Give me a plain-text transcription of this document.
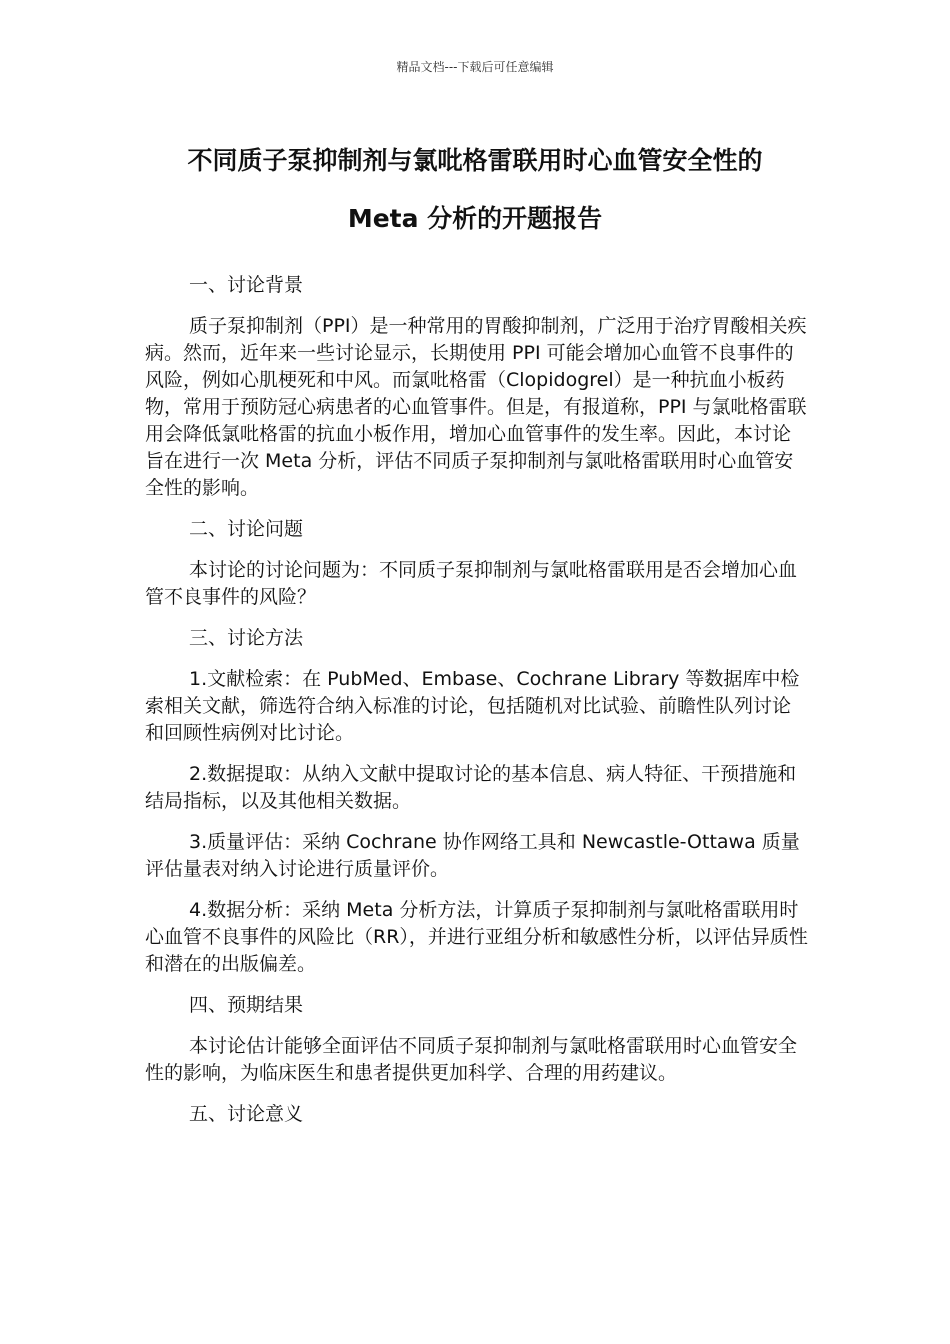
精品文档---下载后可任意编辑
不同质子泵抑制剂与氯吡格雷联用时心血管安全性的
Meta 分析的开题报告

一、讨论背景

质子泵抑制剂（PPI）是一种常用的胃酸抑制剂，广泛用于治疗胃酸相关疾病。然而，近年来一些讨论显示，长期使用 PPI 可能会增加心血管不良事件的风险，例如心肌梗死和中风。而氯吡格雷（Clopidogrel）是一种抗血小板药物，常用于预防冠心病患者的心血管事件。但是，有报道称，PPI 与氯吡格雷联用会降低氯吡格雷的抗血小板作用，增加心血管事件的发生率。因此，本讨论旨在进行一次 Meta 分析，评估不同质子泵抑制剂与氯吡格雷联用时心血管安全性的影响。

二、讨论问题

本讨论的讨论问题为：不同质子泵抑制剂与氯吡格雷联用是否会增加心血管不良事件的风险？

三、讨论方法

1.文献检索：在 PubMed、Embase、Cochrane Library 等数据库中检索相关文献，筛选符合纳入标准的讨论，包括随机对比试验、前瞻性队列讨论和回顾性病例对比讨论。

2.数据提取：从纳入文献中提取讨论的基本信息、病人特征、干预措施和结局指标，以及其他相关数据。

3.质量评估：采纳 Cochrane 协作网络工具和 Newcastle-Ottawa 质量评估量表对纳入讨论进行质量评价。

4.数据分析：采纳 Meta 分析方法，计算质子泵抑制剂与氯吡格雷联用时心血管不良事件的风险比（RR），并进行亚组分析和敏感性分析，以评估异质性和潜在的出版偏差。

四、预期结果

本讨论估计能够全面评估不同质子泵抑制剂与氯吡格雷联用时心血管安全性的影响，为临床医生和患者提供更加科学、合理的用药建议。

五、讨论意义
